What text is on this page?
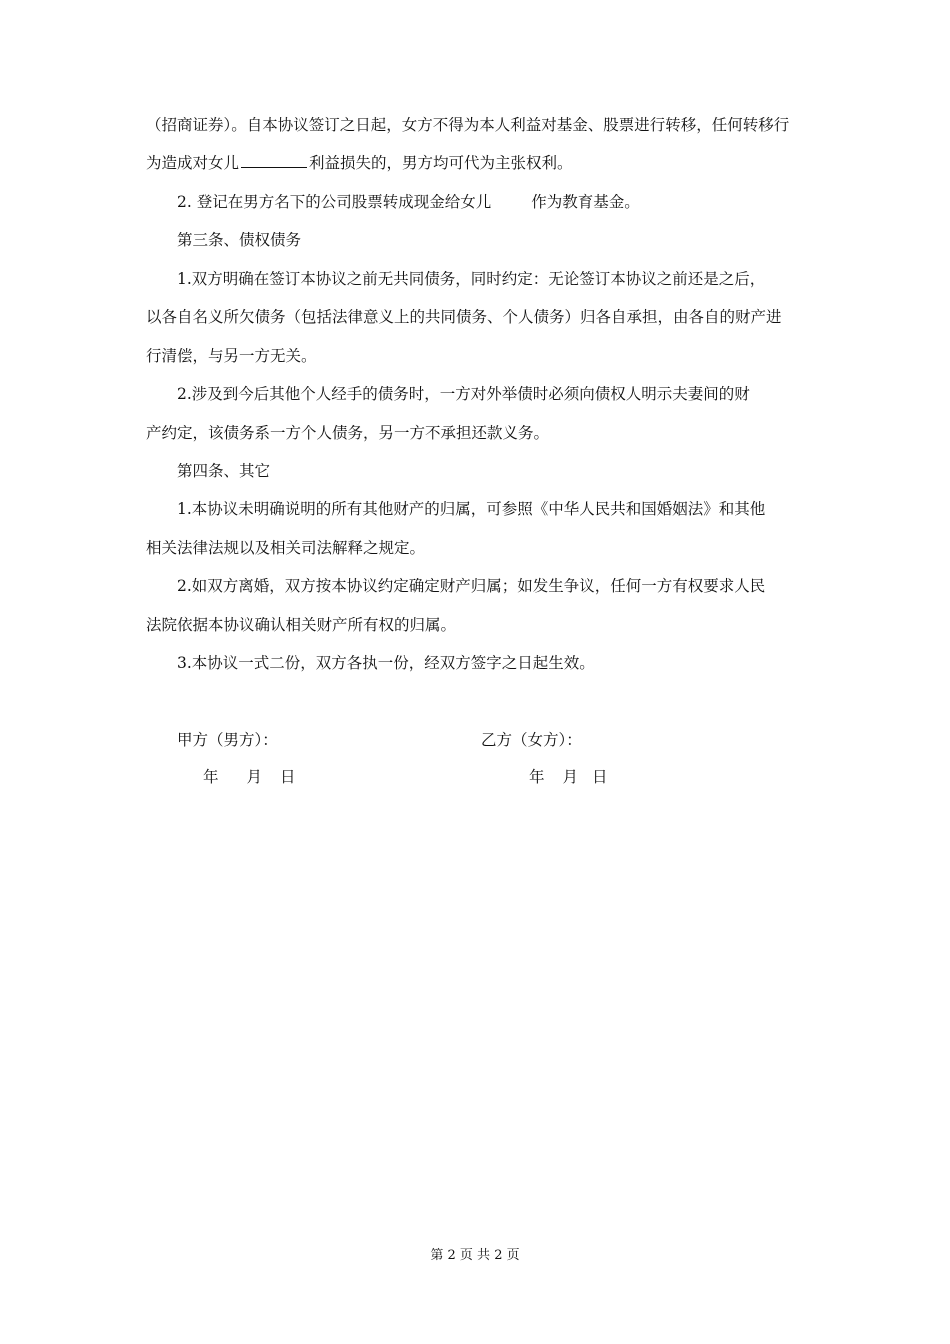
（招商证券）。自本协议签订之日起，女方不得为本人利益对基金、股票进行转移，任何转移行

为造成对女儿	利益损失的，男方均可代为主张权利。

2. 登记在男方名下的公司股票转成现金给女儿	作为教育基金。

第三条、债权债务

1.双方明确在签订本协议之前无共同债务，同时约定：无论签订本协议之前还是之后，

以各自名义所欠债务（包括法律意义上的共同债务、个人债务）归各自承担，由各自的财产进

行清偿，与另一方无关。

2.涉及到今后其他个人经手的债务时，一方对外举债时必须向债权人明示夫妻间的财

产约定，该债务系一方个人债务，另一方不承担还款义务。

第四条、其它

1.本协议未明确说明的所有其他财产的归属，可参照《中华人民共和国婚姻法》和其他

相关法律法规以及相关司法解释之规定。

2.如双方离婚，双方按本协议约定确定财产归属；如发生争议，任何一方有权要求人民

法院依据本协议确认相关财产所有权的归属。

3.本协议一式二份，双方各执一份，经双方签字之日起生效。

甲方（男方）：	乙方（女方）：
年 月 日	年 月 日
第 2 页 共 2 页
